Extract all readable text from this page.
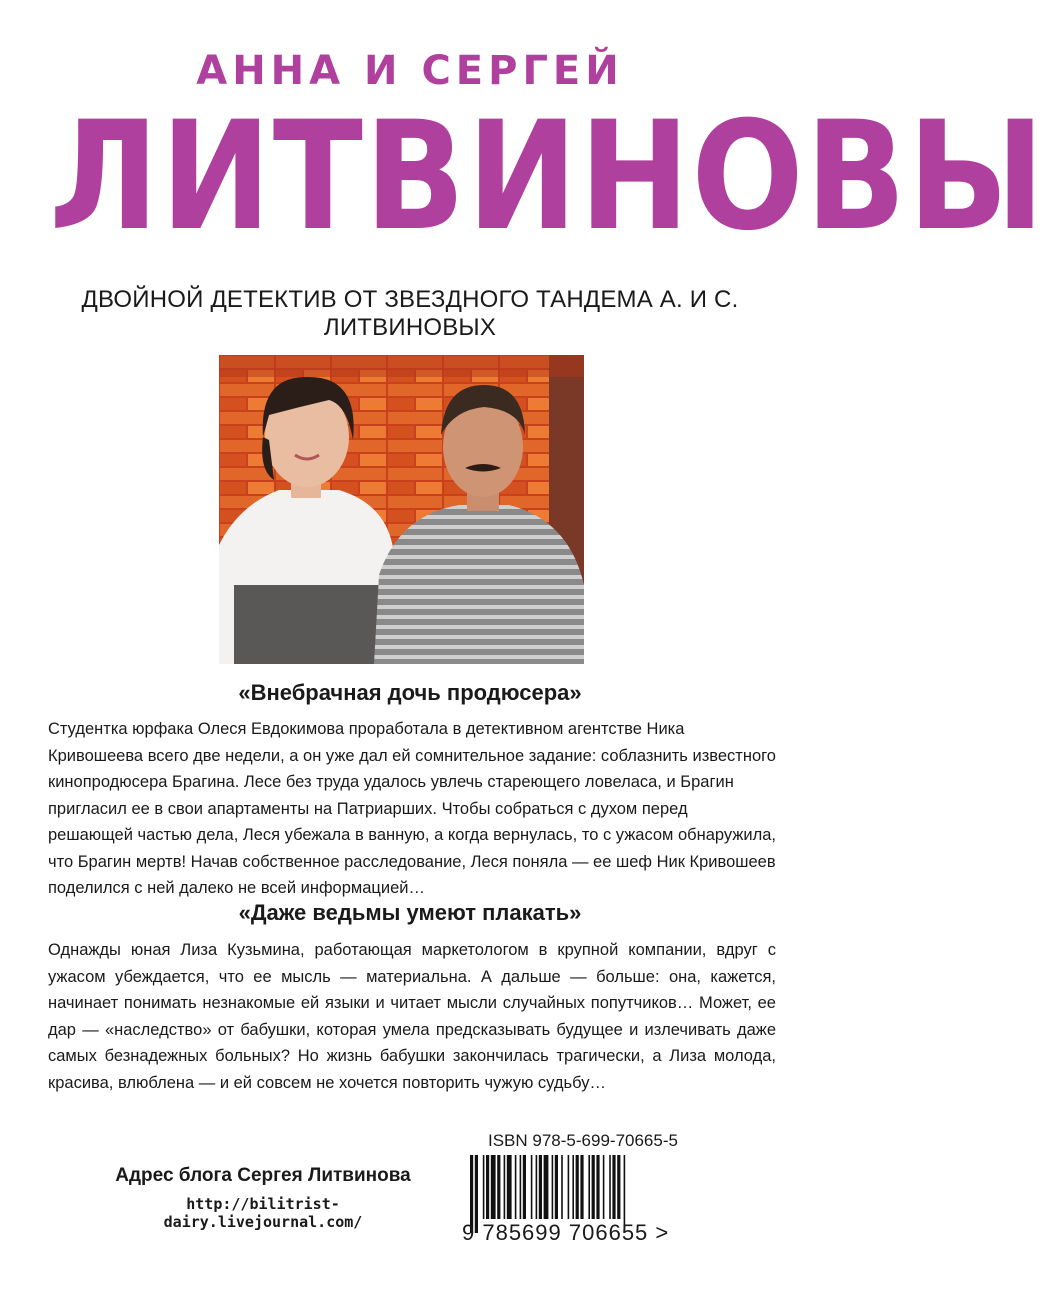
АННА И СЕРГЕЙ
ЛИТВИНОВЫ
ДВОЙНОЙ ДЕТЕКТИВ ОТ ЗВЕЗДНОГО ТАНДЕМА А. И С. ЛИТВИНОВЫХ
«Внебрачная дочь продюсера»

Студентка юрфака Олеся Евдокимова проработала в детективном агентстве Ника Кривошеева всего две недели, а он уже дал ей сомнительное задание: соблазнить известного кинопродюсера Брагина. Лесе без труда удалось увлечь стареющего ловеласа, и Брагин пригласил ее в свои апартаменты на Патриарших. Чтобы собраться с духом перед решающей частью дела, Леся убежала в ванную, а когда вернулась, то с ужасом обнаружила, что Брагин мертв! Начав собственное расследование, Леся поняла — ее шеф Ник Кривошеев поделился с ней далеко не всей информацией…

«Даже ведьмы умеют плакать»

Однажды юная Лиза Кузьмина, работающая маркетологом в крупной компании, вдруг с ужасом убеждается, что ее мысль — материальна. А дальше — больше: она, кажется, начинает понимать незнакомые ей языки и читает мысли случайных попутчиков… Может, ее дар — «наследство» от бабушки, которая умела предсказывать будущее и излечивать даже самых безнадежных больных? Но жизнь бабушки закончилась трагически, а Лиза молода, красива, влюблена — и ей совсем не хочется повторить чужую судьбу…

Адрес блога Сергея Литвинова
http://bilitrist-dairy.livejournal.com/
ISBN 978-5-699-70665-5
9 785699 706655 >
